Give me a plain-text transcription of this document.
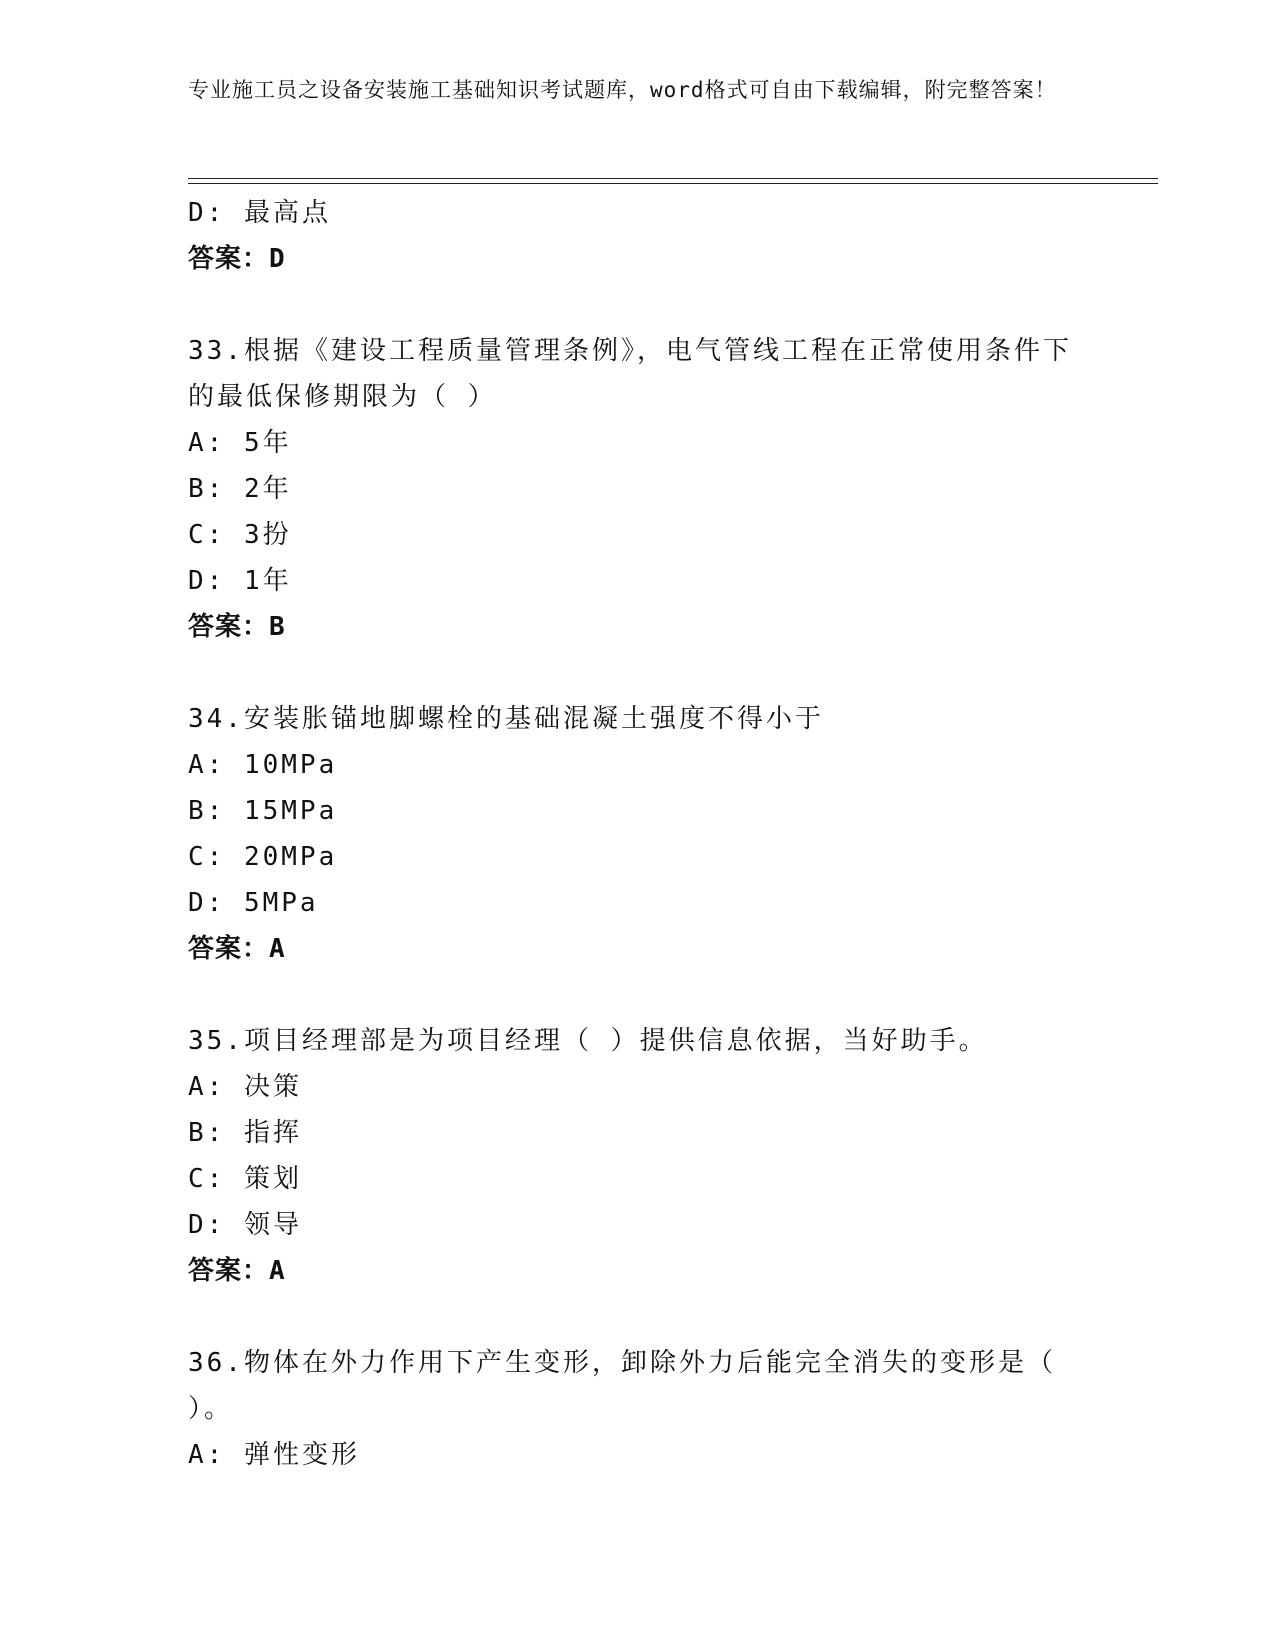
专业施工员之设备安装施工基础知识考试题库，word格式可自由下载编辑，附完整答案！
D: 最高点
答案：D
33.根据《建设工程质量管理条例》，电气管线工程在正常使用条件下的最低保修期限为（ ）
A: 5年
B: 2年
C: 3扮
D: 1年
答案：B
34.安装胀锚地脚螺栓的基础混凝土强度不得小于
A: 10MPa
B: 15MPa
C: 20MPa
D: 5MPa
答案：A
35.项目经理部是为项目经理（ ）提供信息依据，当好助手。
A: 决策
B: 指挥
C: 策划
D: 领导
答案：A
36.物体在外力作用下产生变形，卸除外力后能完全消失的变形是（ ）。
A: 弹性变形
